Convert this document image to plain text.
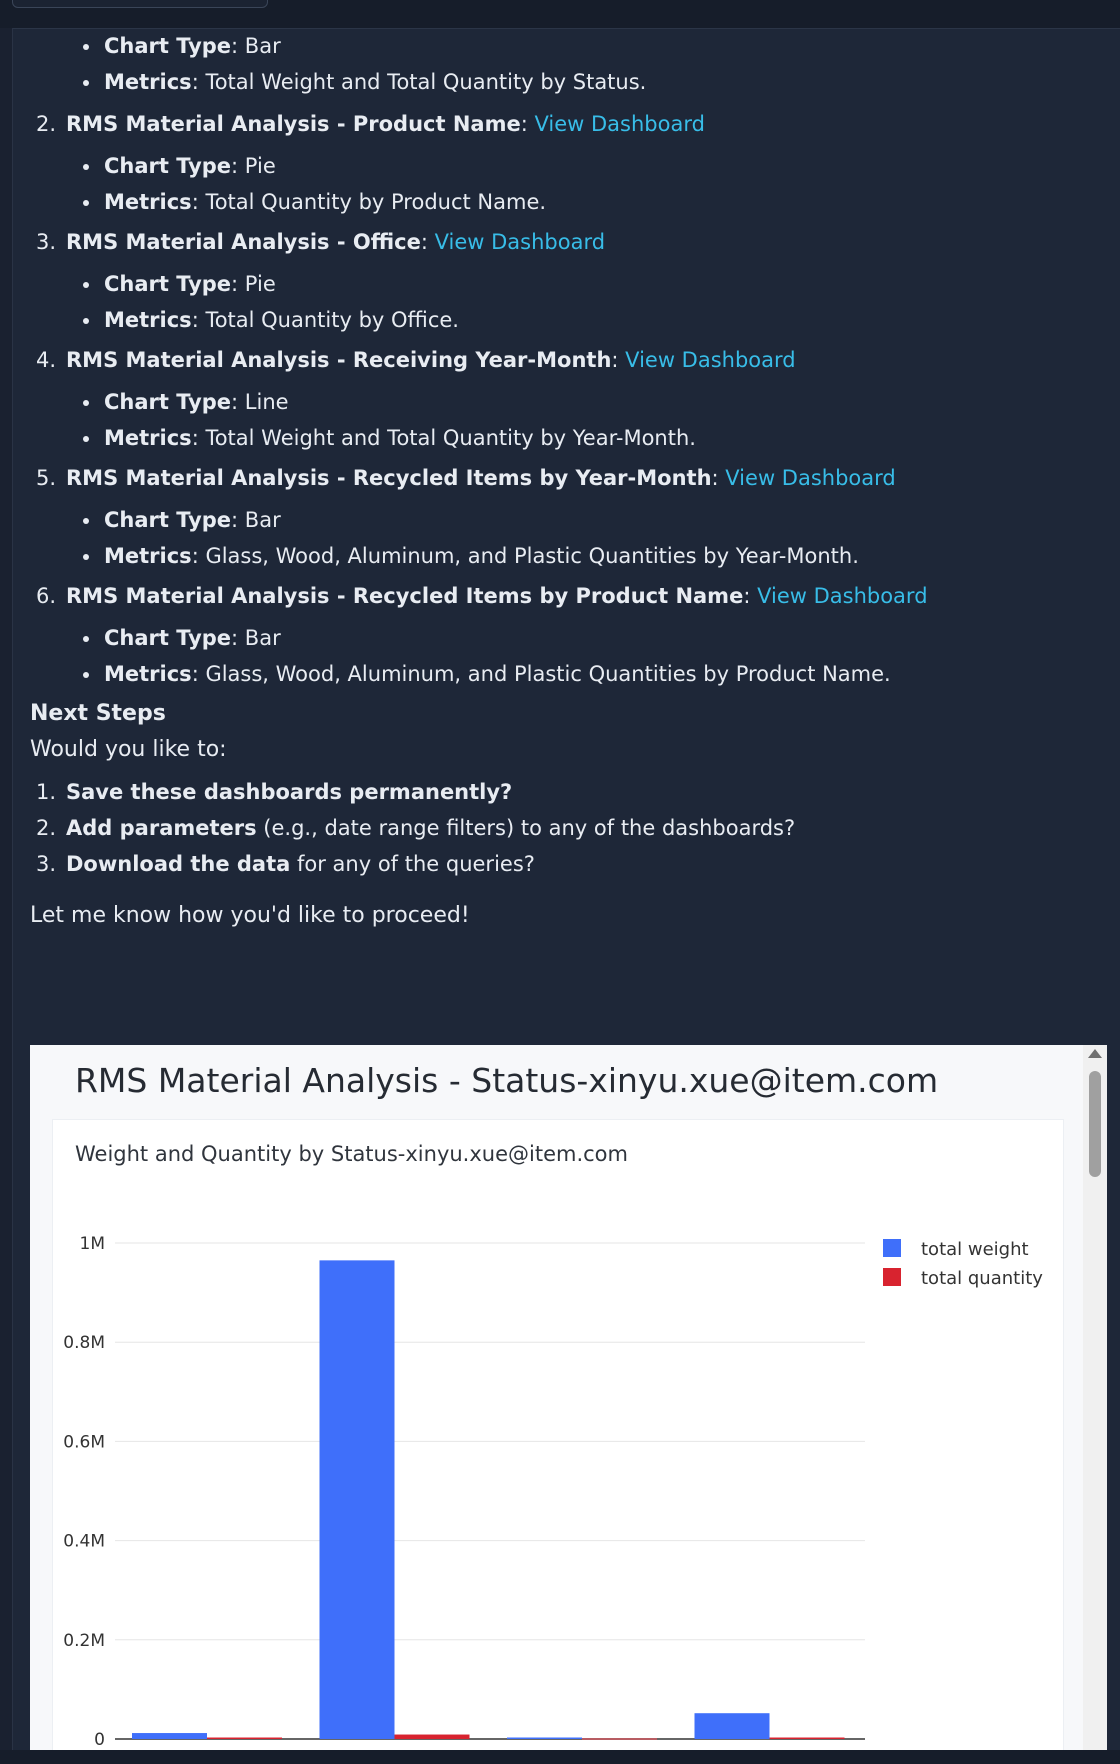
• Chart Type: Bar
• Metrics: Total Weight and Total Quantity by Status.
2. RMS Material Analysis - Product Name: View Dashboard
• Chart Type: Pie
• Metrics: Total Quantity by Product Name.
3. RMS Material Analysis - Office: View Dashboard
• Chart Type: Pie
• Metrics: Total Quantity by Office.
4. RMS Material Analysis - Receiving Year-Month: View Dashboard
• Chart Type: Line
• Metrics: Total Weight and Total Quantity by Year-Month.
5. RMS Material Analysis - Recycled Items by Year-Month: View Dashboard
• Chart Type: Bar
• Metrics: Glass, Wood, Aluminum, and Plastic Quantities by Year-Month.
6. RMS Material Analysis - Recycled Items by Product Name: View Dashboard
• Chart Type: Bar
• Metrics: Glass, Wood, Aluminum, and Plastic Quantities by Product Name.
Next Steps
Would you like to:
1. Save these dashboards permanently?
2. Add parameters (e.g., date range filters) to any of the dashboards?
3. Download the data for any of the queries?
Let me know how you'd like to proceed!
RMS Material Analysis - Status-xinyu.xue@item.com
Weight and Quantity by Status-xinyu.xue@item.com
0
0.2M
0.4M
0.6M
0.8M
1M	total weight
total quantity
